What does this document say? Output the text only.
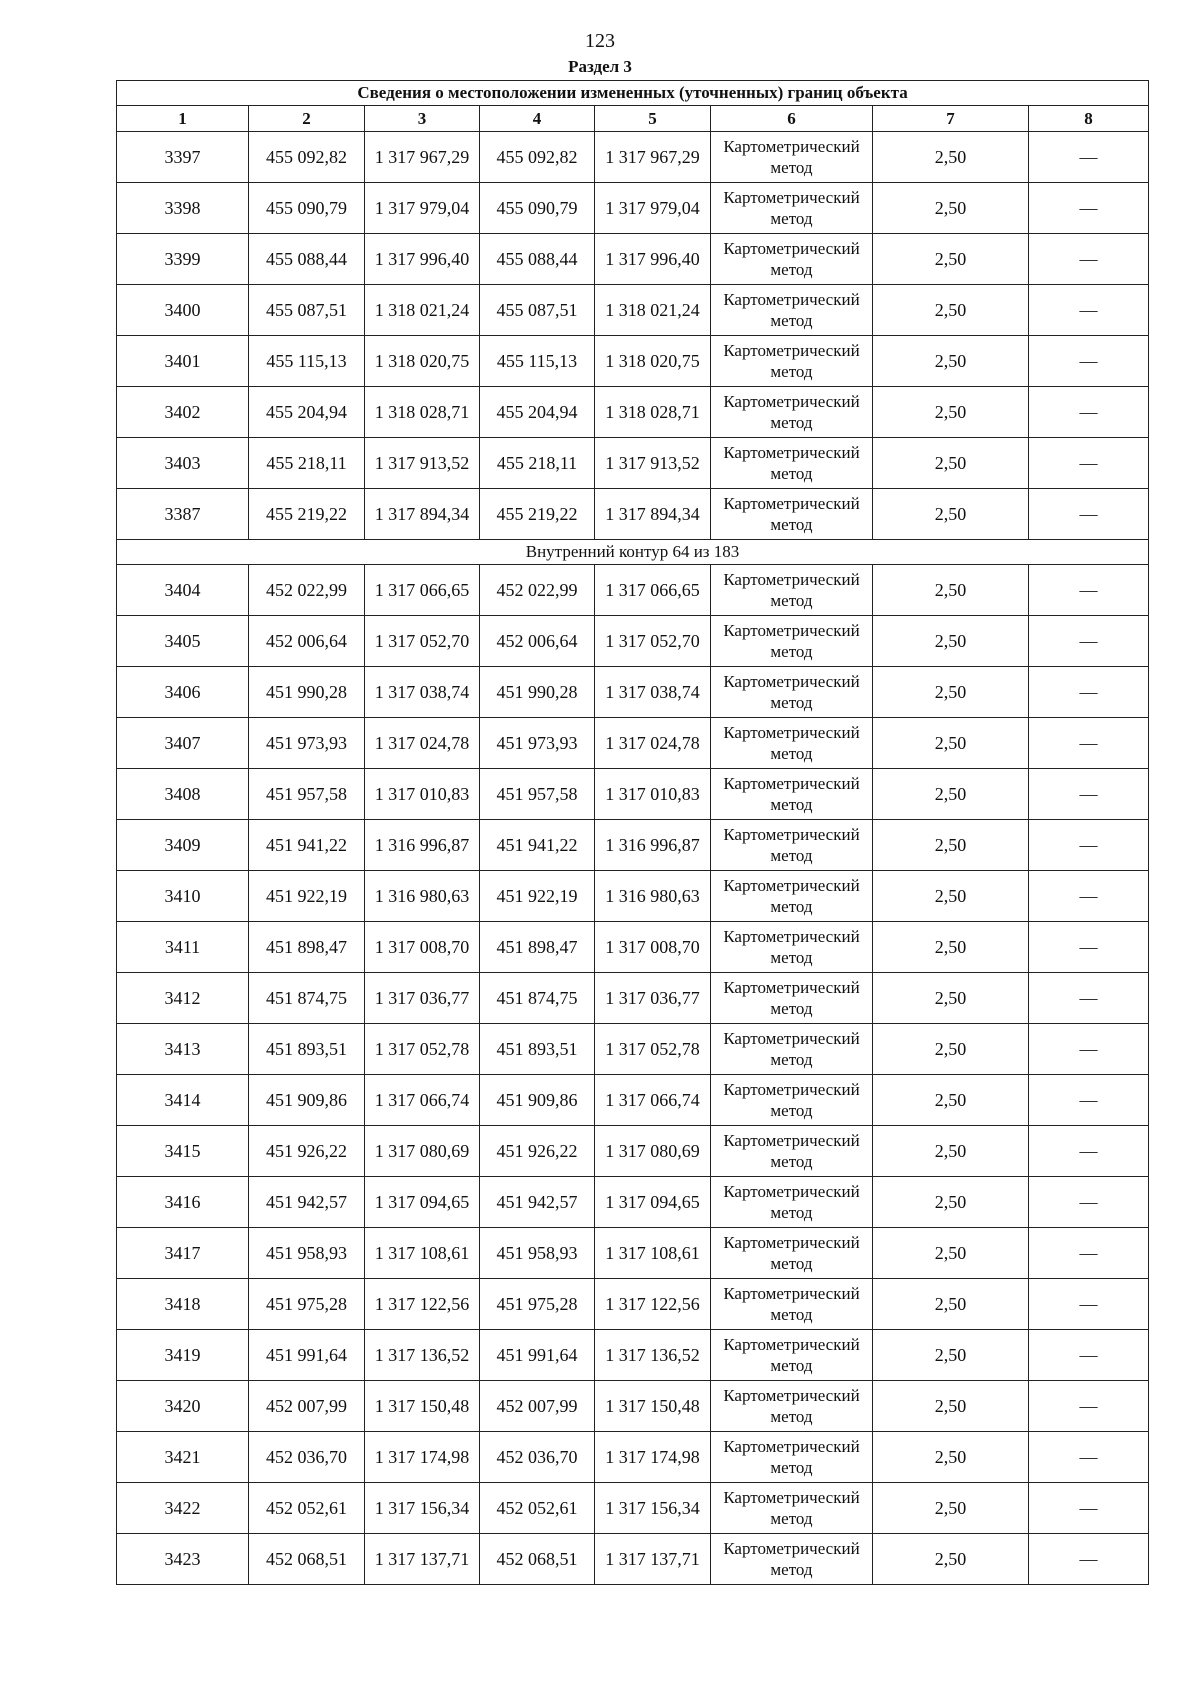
123
Раздел 3
Сведения о местоположении измененных (уточненных) границ объекта							
1	2	3	4	5	6	7	8
3397	455 092,82	1 317 967,29	455 092,82	1 317 967,29	Картометрический метод	2,50	—
3398	455 090,79	1 317 979,04	455 090,79	1 317 979,04	Картометрический метод	2,50	—
3399	455 088,44	1 317 996,40	455 088,44	1 317 996,40	Картометрический метод	2,50	—
3400	455 087,51	1 318 021,24	455 087,51	1 318 021,24	Картометрический метод	2,50	—
3401	455 115,13	1 318 020,75	455 115,13	1 318 020,75	Картометрический метод	2,50	—
3402	455 204,94	1 318 028,71	455 204,94	1 318 028,71	Картометрический метод	2,50	—
3403	455 218,11	1 317 913,52	455 218,11	1 317 913,52	Картометрический метод	2,50	—
3387	455 219,22	1 317 894,34	455 219,22	1 317 894,34	Картометрический метод	2,50	—
Внутренний контур 64 из 183							
3404	452 022,99	1 317 066,65	452 022,99	1 317 066,65	Картометрический метод	2,50	—
3405	452 006,64	1 317 052,70	452 006,64	1 317 052,70	Картометрический метод	2,50	—
3406	451 990,28	1 317 038,74	451 990,28	1 317 038,74	Картометрический метод	2,50	—
3407	451 973,93	1 317 024,78	451 973,93	1 317 024,78	Картометрический метод	2,50	—
3408	451 957,58	1 317 010,83	451 957,58	1 317 010,83	Картометрический метод	2,50	—
3409	451 941,22	1 316 996,87	451 941,22	1 316 996,87	Картометрический метод	2,50	—
3410	451 922,19	1 316 980,63	451 922,19	1 316 980,63	Картометрический метод	2,50	—
3411	451 898,47	1 317 008,70	451 898,47	1 317 008,70	Картометрический метод	2,50	—
3412	451 874,75	1 317 036,77	451 874,75	1 317 036,77	Картометрический метод	2,50	—
3413	451 893,51	1 317 052,78	451 893,51	1 317 052,78	Картометрический метод	2,50	—
3414	451 909,86	1 317 066,74	451 909,86	1 317 066,74	Картометрический метод	2,50	—
3415	451 926,22	1 317 080,69	451 926,22	1 317 080,69	Картометрический метод	2,50	—
3416	451 942,57	1 317 094,65	451 942,57	1 317 094,65	Картометрический метод	2,50	—
3417	451 958,93	1 317 108,61	451 958,93	1 317 108,61	Картометрический метод	2,50	—
3418	451 975,28	1 317 122,56	451 975,28	1 317 122,56	Картометрический метод	2,50	—
3419	451 991,64	1 317 136,52	451 991,64	1 317 136,52	Картометрический метод	2,50	—
3420	452 007,99	1 317 150,48	452 007,99	1 317 150,48	Картометрический метод	2,50	—
3421	452 036,70	1 317 174,98	452 036,70	1 317 174,98	Картометрический метод	2,50	—
3422	452 052,61	1 317 156,34	452 052,61	1 317 156,34	Картометрический метод	2,50	—
3423	452 068,51	1 317 137,71	452 068,51	1 317 137,71	Картометрический метод	2,50	—
